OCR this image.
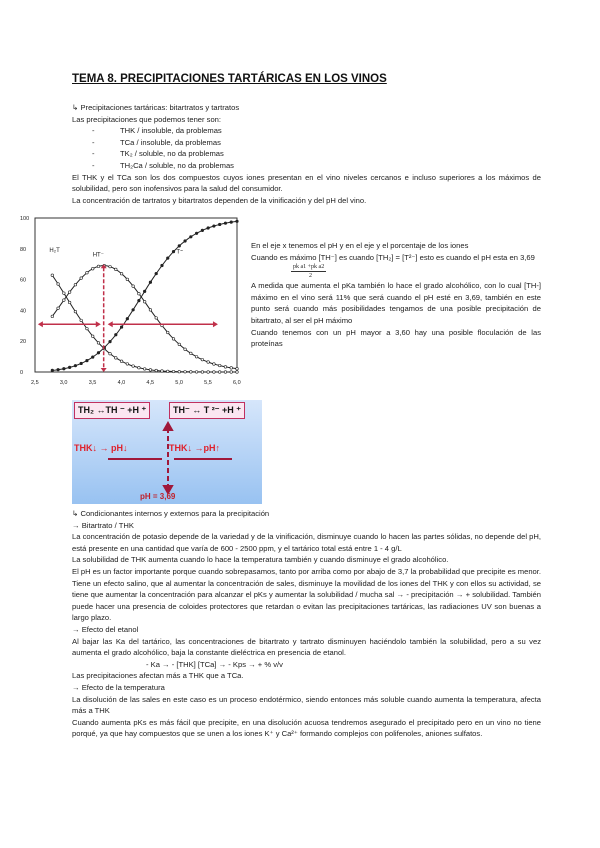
TEMA 8. PRECIPITACIONES TARTÁRICAS EN LOS VINOS

↳ Precipitaciones tartáricas: bitartratos y tartratos

Las precipitaciones que podemos tener son:

-	THK / insoluble, da problemas

-	TCa / insoluble, da problemas

-	TK₂ / soluble, no da problemas

-	TH₂Ca / soluble, no da problemas

El THK y el TCa son los dos compuestos cuyos iones presentan en el vino niveles cercanos e incluso superiores a los máximos de solubilidad, pero son inofensivos para la salud del consumidor.

La concentración de tartratos y bitartratos dependen de la vinificación y del pH del vino.

0
20
40
60
80
100
2,5	3,0	3,5	4,0	4,5	5,0	5,5	6,0
H₂T
HT⁻
T⁼

En el eje x tenemos el pH y en el eje y el porcentaje de los iones

Cuando es máximo [TH⁻] es cuando [TH₂] = [T²⁻] esto es cuando el pH esta en 3,69

pk a1 +pk a2
2

A medida que aumenta el pKa también lo hace el grado alcohólico, con lo cual [TH-] máximo en el vino será 11% que será cuando el pH esté en 3,69, también en este punto será cuando más posibilidades tengamos de una posible precipitación de bitartrato, al ser el pH máximo

Cuando tenemos con un pH mayor a 3,60 hay una posible floculación de las proteínas

TH₂ ↔TH ⁻ +H ⁺	TH⁻ ↔ T ²⁻ +H ⁺
THK↓ → pH↓	THK↓ →pH↑
pH = 3,69

↳ Condicionantes internos y externos para la precipitación

→ Bitartrato / THK

La concentración de potasio depende de la variedad y de la vinificación, disminuye cuando lo hacen las partes sólidas, no depende del pH, está presente en una cantidad que varía de 600 - 2500 ppm, y el tartárico total está entre 1 - 4 g/L

La solubilidad de THK aumenta cuando lo hace la temperatura también y cuando disminuye el grado alcohólico.

El pH es un factor importante porque cuando sobrepasamos, tanto por arriba como por abajo de 3,7 la probabilidad que precipite es menor. Tiene un efecto salino, que al aumentar la concentración de sales, disminuye la movilidad de los iones del THK y con ellos su actividad, se tiene que aumentar la concentración para alcanzar el pKs y aumentar la solubilidad / mucha sal → - precipitación → + solubilidad. También puede hacer una presencia de coloides protectores que retardan o evitan las precipitaciones tartáricas, las radiaciones UV son buenas a largo plazo.

→ Efecto del etanol

Al bajar las Ka del tartárico, las concentraciones de bitartrato y tartrato disminuyen haciéndolo también la solubilidad, pero a su vez aumenta el grado alcohólico, baja la constante dieléctrica en presencia de etanol.

- Ka → - [THK] [TCa] → - Kps → + % v/v

Las precipitaciones afectan más a THK que a TCa.

→ Efecto de la temperatura

La disolución de las sales en este caso es un proceso endotérmico, siendo entonces más soluble cuando aumenta la temperatura, afecta más a THK

Cuando aumenta pKs es más fácil que precipite, en una disolución acuosa tendremos asegurado el precipitado pero en un vino no tiene porqué, ya que hay compuestos que se unen a los iones K⁺ y Ca²⁺ formando complejos con polifenoles, aniones sulfatos.
